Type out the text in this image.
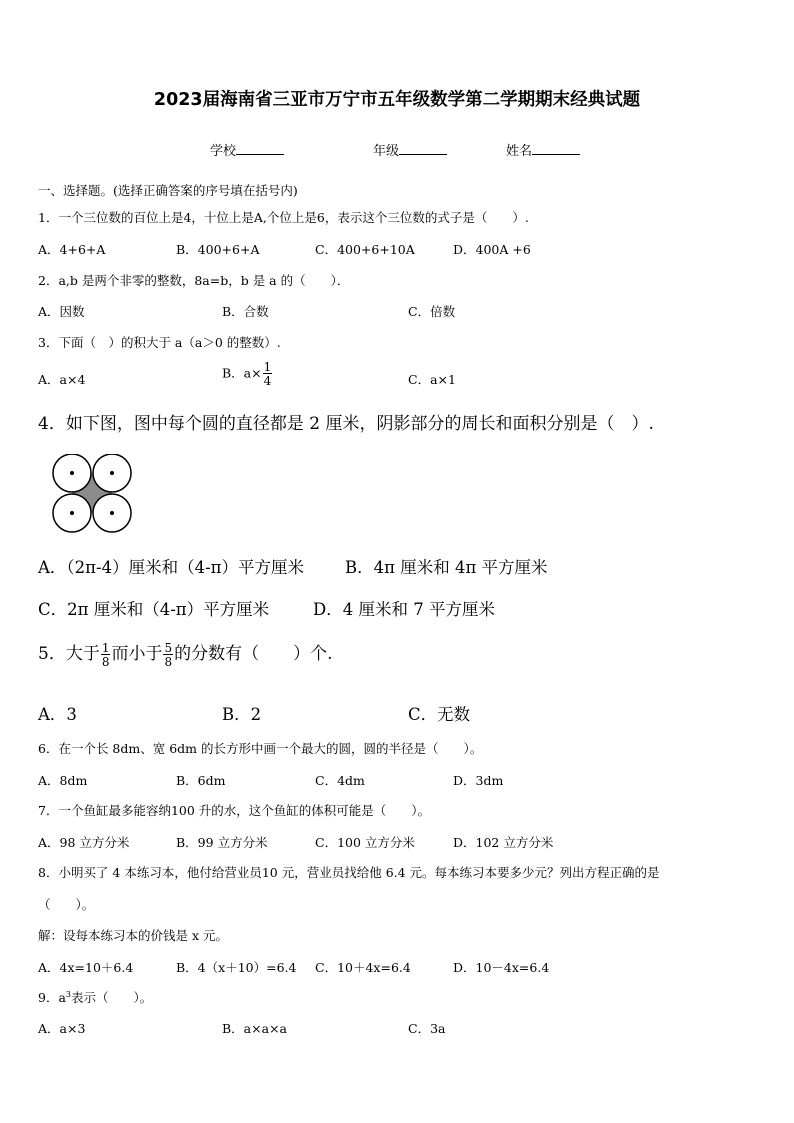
2023届海南省三亚市万宁市五年级数学第二学期期末经典试题
学校	年级	姓名
一、选择题。(选择正确答案的序号填在括号内)
1．一个三位数的百位上是4，十位上是A,个位上是6，表示这个三位数的式子是（　　）.
A．4+6+A	B．400+6+A	C．400+6+10A	D．400A +6
2．a,b 是两个非零的整数，8a=b，b 是 a 的（　　）．
A．因数	B．合数	C．倍数
3．下面（　）的积大于 a（a＞0 的整数）.
A．a×4	B．$a\times \frac{1}{4}$	C．a×1
4．如下图，图中每个圆的直径都是 2 厘米，阴影部分的周长和面积分别是（　）.
A．（2π-4）厘米和（4-π）平方厘米 B．4π 厘米和 4π 平方厘米
C．2π 厘米和（4-π）平方厘米	D．4 厘米和 7 平方厘米
5．大于 $\frac{1}{8}$ 而小于 $\frac{5}{8}$ 的分数有（　　）个.
A．3	B．2	C．无数
6．在一个长 8dm、宽 6dm 的长方形中画一个最大的圆，圆的半径是（　　）。
A．8dm	B．6dm	C．4dm	D．3dm
7．一个鱼缸最多能容纳100 升的水，这个鱼缸的体积可能是（　　）。
A．98 立方分米	B．99 立方分米	C．100 立方分米	D．102 立方分米
8．小明买了 4 本练习本，他付给营业员10 元，营业员找给他 6.4 元。每本练习本要多少元？列出方程正确的是
（　　）。
解：设每本练习本的价钱是 x 元。
A．4x=10＋6.4	B．4（x＋10）=6.4 C．10＋4x=6.4	D．10－4x=6.4
9．$a^3$表示（　　）。
A．a×3	B．a×a×a	C．3a
